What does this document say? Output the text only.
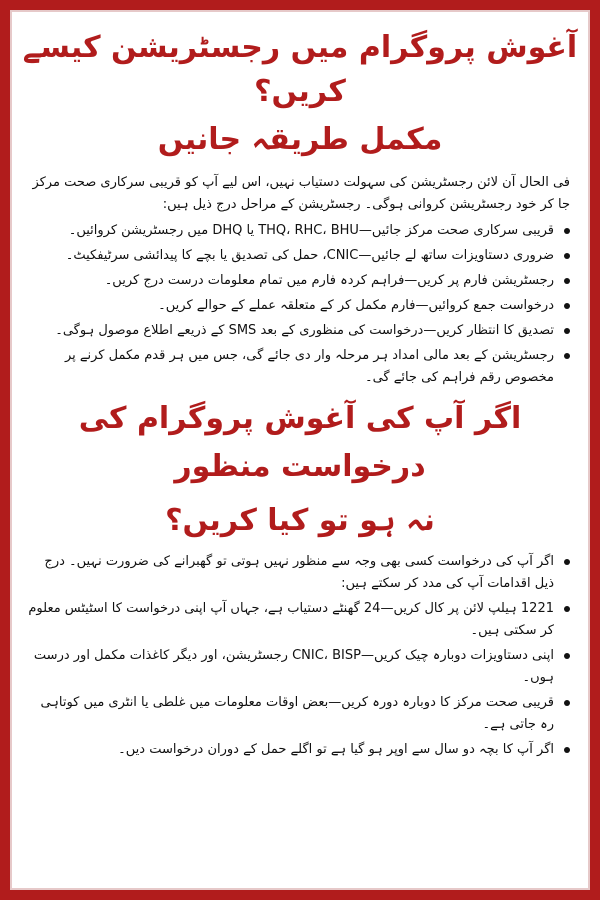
آغوش پروگرام میں رجسٹریشن کیسے کریں؟
مکمل طریقہ جانیں

فی الحال آن لائن رجسٹریشن کی سہولت دستیاب نہیں، اس لیے آپ کو قریبی سرکاری صحت مرکز جا کر خود رجسٹریشن کروانی ہوگی۔ رجسٹریشن کے مراحل درج ذیل ہیں:

قریبی سرکاری صحت مرکز جائیں—THQ، RHC، BHU یا DHQ میں رجسٹریشن کروائیں۔
ضروری دستاویزات ساتھ لے جائیں—CNIC، حمل کی تصدیق یا بچے کا پیدائشی سرٹیفکیٹ۔
رجسٹریشن فارم پر کریں—فراہم کردہ فارم میں تمام معلومات درست درج کریں۔
درخواست جمع کروائیں—فارم مکمل کر کے متعلقہ عملے کے حوالے کریں۔
تصدیق کا انتظار کریں—درخواست کی منظوری کے بعد SMS کے ذریعے اطلاع موصول ہوگی۔
رجسٹریشن کے بعد مالی امداد ہر مرحلہ وار دی جائے گی، جس میں ہر قدم مکمل کرنے پر مخصوص رقم فراہم کی جائے گی۔
اگر آپ کی آغوش پروگرام کی درخواست منظور
نہ ہو تو کیا کریں؟
اگر آپ کی درخواست کسی بھی وجہ سے منظور نہیں ہوتی تو گھبرانے کی ضرورت نہیں۔ درج ذیل اقدامات آپ کی مدد کر سکتے ہیں:
1221 ہیلپ لائن پر کال کریں—24 گھنٹے دستیاب ہے، جہاں آپ اپنی درخواست کا اسٹیٹس معلوم کر سکتی ہیں۔
اپنی دستاویزات دوبارہ چیک کریں—CNIC، BISP رجسٹریشن، اور دیگر کاغذات مکمل اور درست ہوں۔
قریبی صحت مرکز کا دوبارہ دورہ کریں—بعض اوقات معلومات میں غلطی یا انٹری میں کوتاہی رہ جاتی ہے۔
اگر آپ کا بچہ دو سال سے اوپر ہو گیا ہے تو اگلے حمل کے دوران درخواست دیں۔
